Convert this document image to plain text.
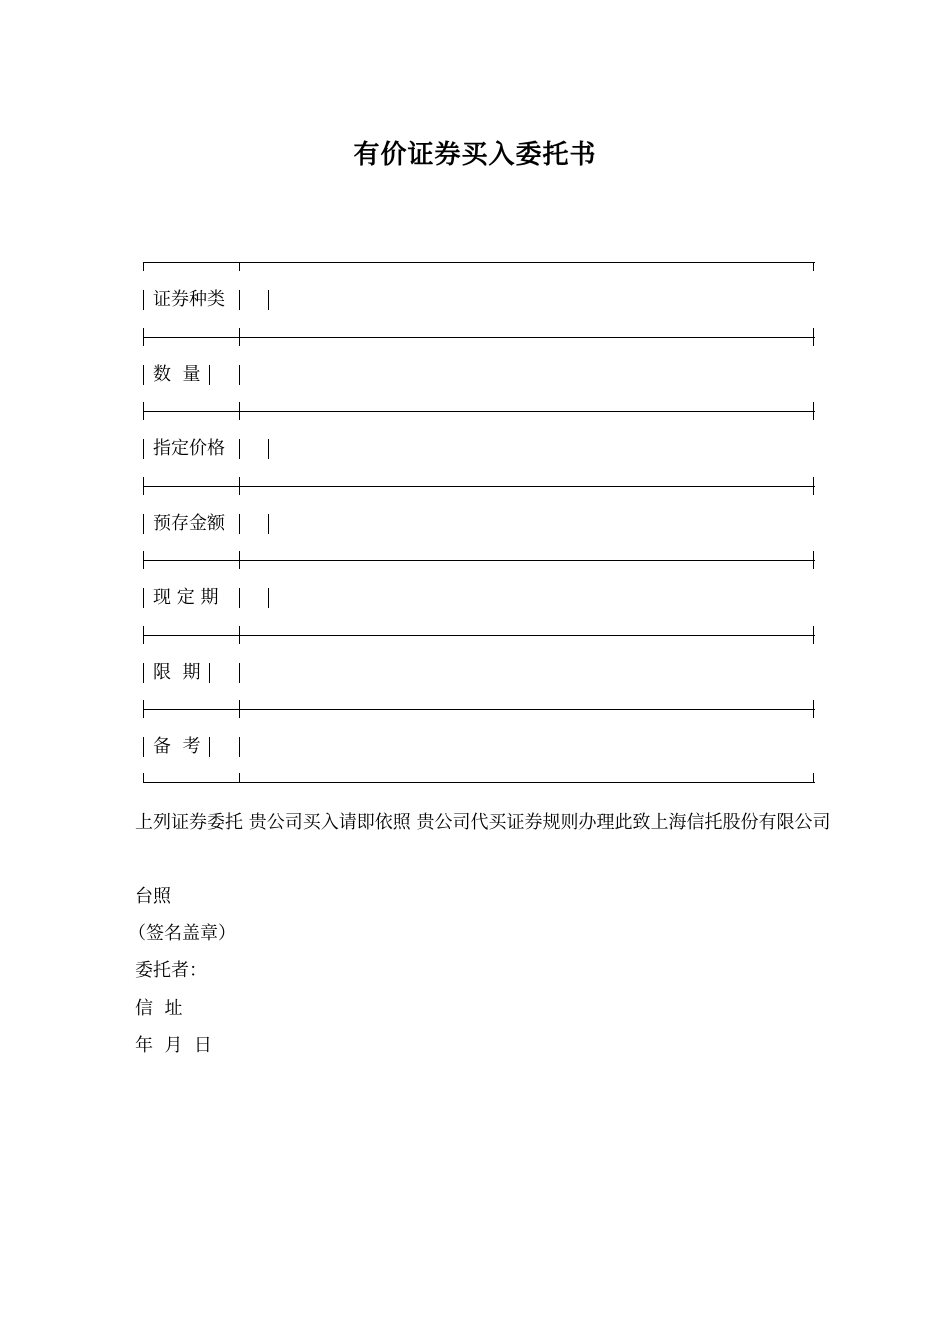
有价证券买入委托书
证券种类
数  量
指定价格
预存金额
现 定 期
限  期
备  考
上列证券委托 贵公司买入请即依照 贵公司代买证券规则办理此致上海信托股份有限公司
台照
（签名盖章）
委托者：
信  址
年  月  日
